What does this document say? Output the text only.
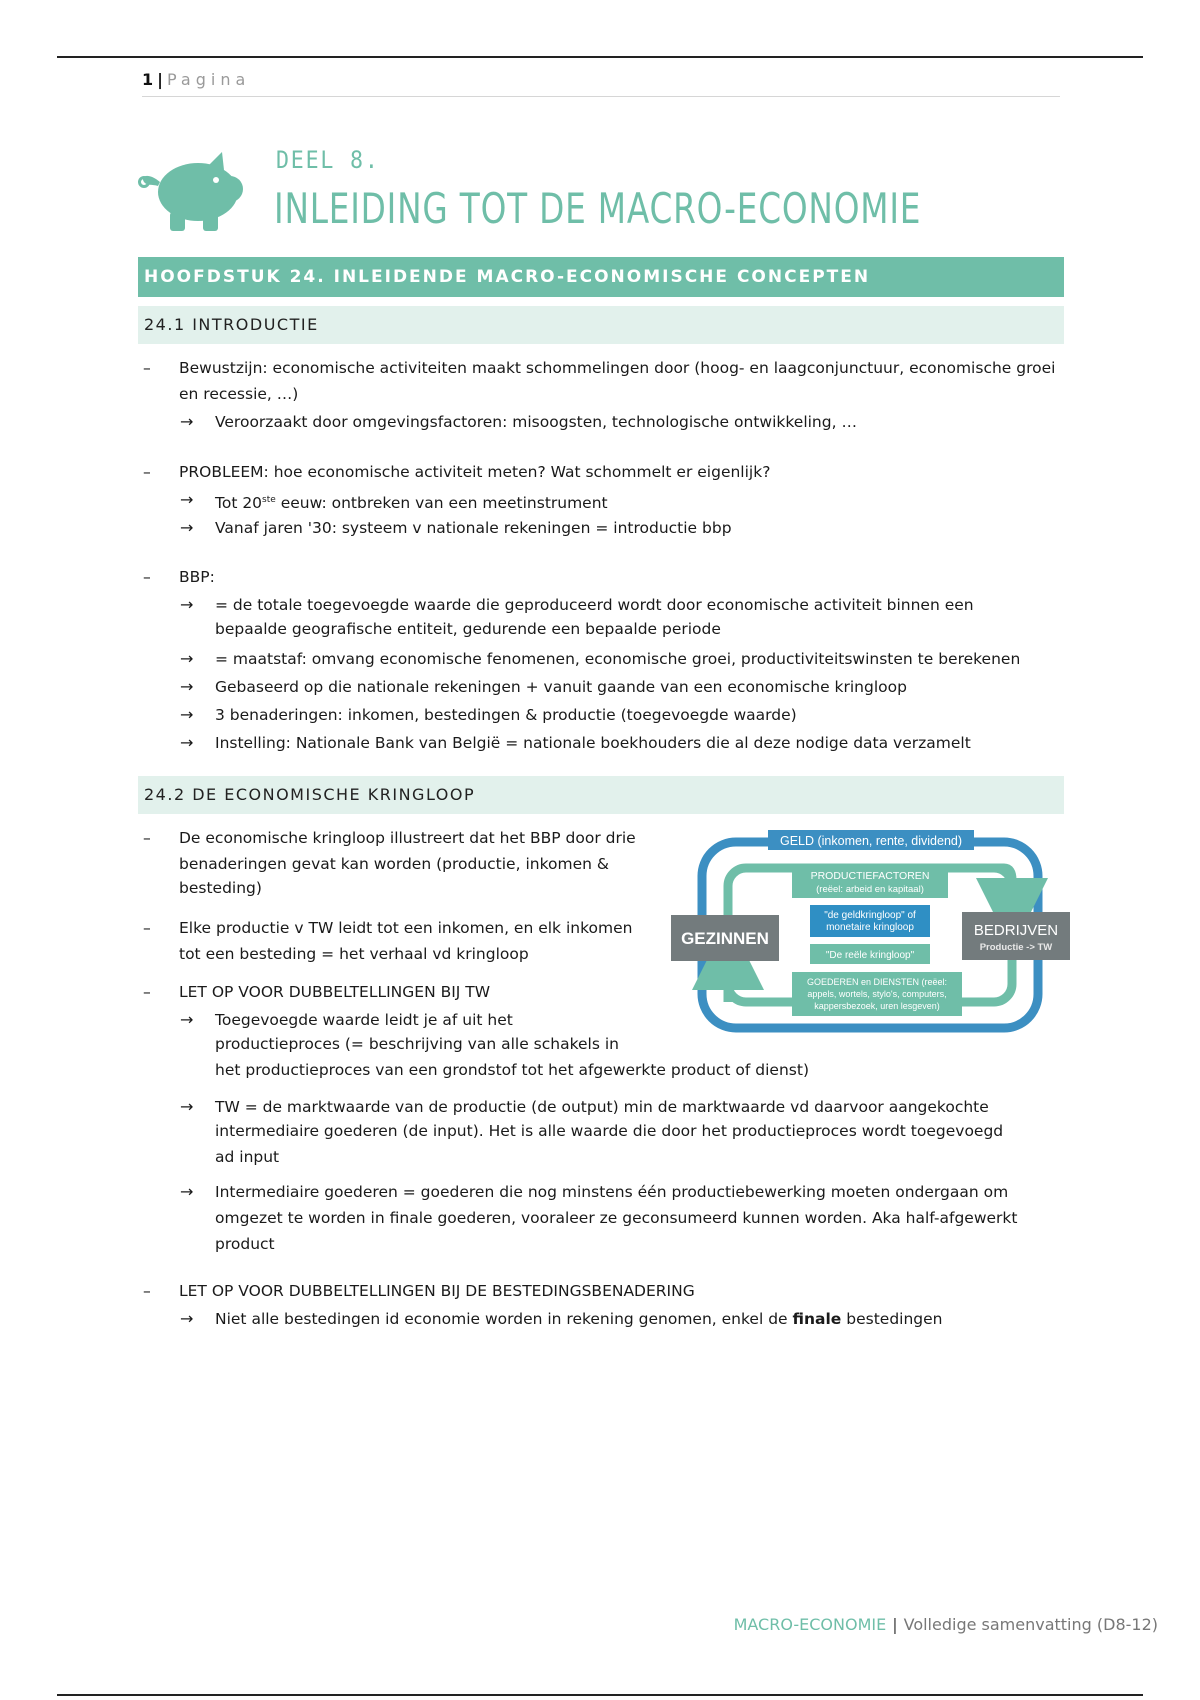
1 | Pagina
DEEL 8.
INLEIDING TOT DE MACRO-ECONOMIE
HOOFDSTUK 24. INLEIDENDE MACRO-ECONOMISCHE CONCEPTEN
24.1 INTRODUCTIE
– Bewustzijn: economische activiteiten maakt schommelingen door (hoog- en laagconjunctuur, economische groei
en recessie, …)
→ Veroorzaakt door omgevingsfactoren: misoogsten, technologische ontwikkeling, …
– PROBLEEM: hoe economische activiteit meten? Wat schommelt er eigenlijk?
→ Tot 20ste eeuw: ontbreken van een meetinstrument
→ Vanaf jaren '30: systeem v nationale rekeningen = introductie bbp
– BBP:
→ = de totale toegevoegde waarde die geproduceerd wordt door economische activiteit binnen een
bepaalde geografische entiteit, gedurende een bepaalde periode
→ = maatstaf: omvang economische fenomenen, economische groei, productiviteitswinsten te berekenen
→ Gebaseerd op die nationale rekeningen + vanuit gaande van een economische kringloop
→ 3 benaderingen: inkomen, bestedingen & productie (toegevoegde waarde)
→ Instelling: Nationale Bank van België = nationale boekhouders die al deze nodige data verzamelt
24.2 DE ECONOMISCHE KRINGLOOP
– De economische kringloop illustreert dat het BBP door drie
benaderingen gevat kan worden (productie, inkomen &
besteding)
– Elke productie v TW leidt tot een inkomen, en elk inkomen
tot een besteding = het verhaal vd kringloop
– LET OP VOOR DUBBELTELLINGEN BIJ TW
→ Toegevoegde waarde leidt je af uit het
productieproces (= beschrijving van alle schakels in
het productieproces van een grondstof tot het afgewerkte product of dienst)
→ TW = de marktwaarde van de productie (de output) min de marktwaarde vd daarvoor aangekochte
intermediaire goederen (de input). Het is alle waarde die door het productieproces wordt toegevoegd
ad input
→ Intermediaire goederen = goederen die nog minstens één productiebewerking moeten ondergaan om
omgezet te worden in finale goederen, vooraleer ze geconsumeerd kunnen worden. Aka half-afgewerkt
product
– LET OP VOOR DUBBELTELLINGEN BIJ DE BESTEDINGSBENADERING
→ Niet alle bestedingen id economie worden in rekening genomen, enkel de finale bestedingen
GELD (inkomen, rente, dividend)
PRODUCTIEFACTOREN
(reëel: arbeid en kapitaal)
"de geldkringloop" of
monetaire kringloop
"De reële kringloop"
GOEDEREN en DIENSTEN (reëel:
appels, wortels, stylo's, computers,
kappersbezoek, uren lesgeven)
GEZINNEN	BEDRIJVEN
Productie -> TW
MACRO-ECONOMIE | Volledige samenvatting (D8-12)
